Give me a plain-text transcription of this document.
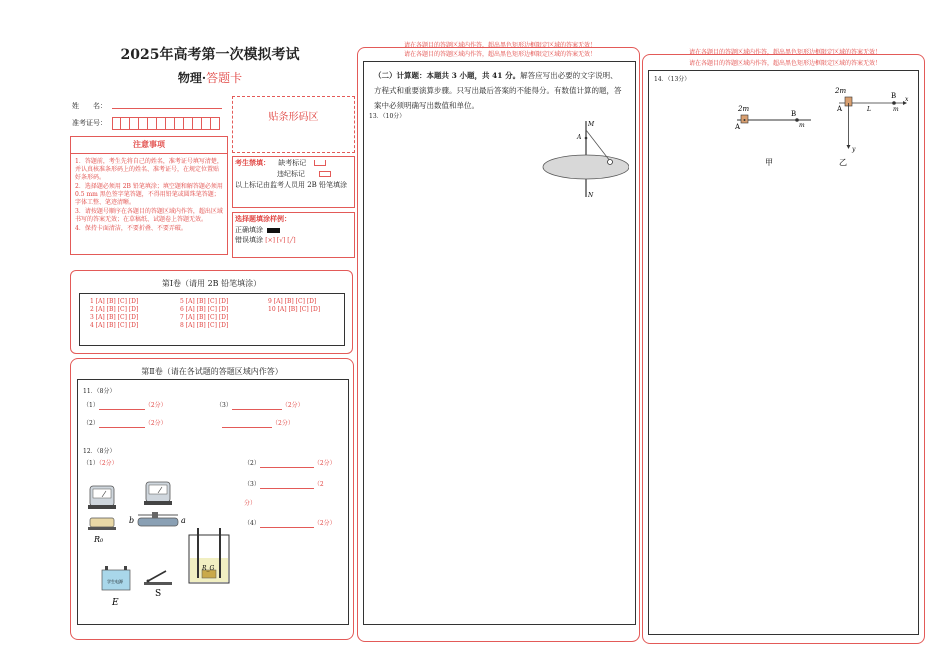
2025年高考第一次模拟考试
物理·答题卡
姓　　名：
准考证号：	贴条形码区
注意事项
1．答题前，考生先将自己的姓名，准考证号填写清楚，并认真核准条形码上的姓名、准考证号，在规定位置贴好条形码。
2．选择题必须用 2B 铅笔填涂；填空题和解答题必须用 0.5 mm 黑色签字笔答题，不得用铅笔或圆珠笔答题；字体工整、笔迹清晰。
3．请按题号顺序在各题目的答题区域内作答，超出区域书写的答案无效；在草稿纸、试题卷上答题无效。
4．保持卡面清洁，不要折叠、不要弄破。
考生禁填： 缺考标记
违纪标记
以上标记由监考人员用 2B 铅笔填涂
选择题填涂样例：
正确填涂
错误填涂 [×] [√] [╱]
第Ⅰ卷（请用 2B 铅笔填涂）
1 [A] [B] [C] [D]
2 [A] [B] [C] [D]
3 [A] [B] [C] [D]
4 [A] [B] [C] [D]
5 [A] [B] [C] [D]
6 [A] [B] [C] [D]
7 [A] [B] [C] [D]
8 [A] [B] [C] [D]
9 [A] [B] [C] [D]
10 [A] [B] [C] [D]
第Ⅱ卷（请在各试题的答题区域内作答）
11．（8分）
（1）	（2分）	（3）	（2分）
（2）	（2分）	（2分）
12．（8分）
（1）（2分）	（2）	（2分）
（3）	（2
分）
（4）	（2分）
R₀
b	a
学生电源
E
S
R_G
请在各题目的答题区域内作答，超出黑色矩形边框限定区域的答案无效！
请在各题目的答题区域内作答，超出黑色矩形边框限定区域的答案无效！
（二）计算题：本题共 3 小题，共 41 分。解答应写出必要的文字说明、方程式和重要演算步骤。只写出最后答案的不能得分。有数值计算的题，答案中必须明确写出数值和单位。
13．（10分）
M
A
N
请在各题目的答题区域内作答，超出黑色矩形边框限定区域的答案无效！
请在各题目的答题区域内作答，超出黑色矩形边框限定区域的答案无效！
14．（13分）
2m
A
B
m
甲
2m
A
B
L	m
x
y
乙
